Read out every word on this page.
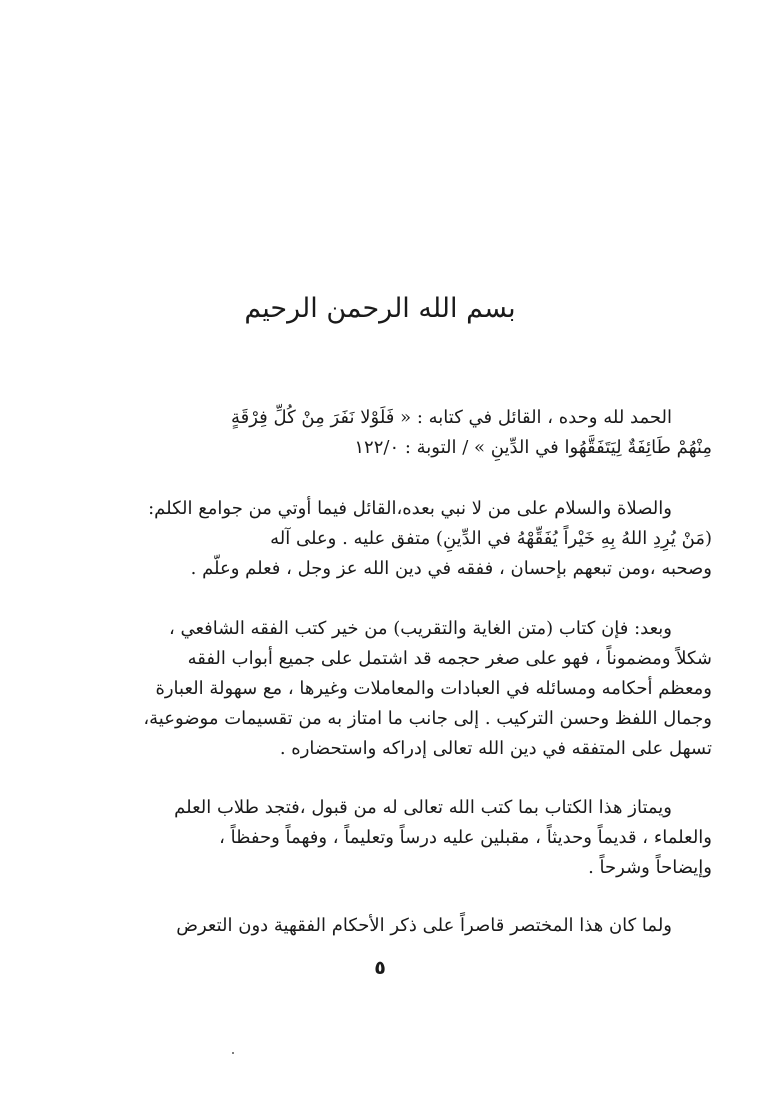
بسم الله الرحمن الرحيم
الحمد لله وحده ، القائل في كتابه : « فَلَوْلا نَفَرَ مِنْ كُلِّ فِرْقَةٍ
مِنْهُمْ طَائِفَةٌ لِيَتَفَقَّهُوا في الدِّينِ » / التوبة : ١٢٢/٠
والصلاة والسلام على من لا نبي بعده،القائل فيما أوتي من جوامع الكلم:
(مَنْ يُرِدِ اللهُ بِهِ خَيْراً يُفَقِّهْهُ في الدِّينِ) متفق عليه . وعلى آله
وصحبه ،ومن تبعهم بإحسان ، ففقه في دين الله عز وجل ، فعلم وعلّم .
وبعد: فإن كتاب (متن الغاية والتقريب) من خير كتب الفقه الشافعي ،
شكلاً ومضموناً ، فهو على صغر حجمه قد اشتمل على جميع أبواب الفقه
ومعظم أحكامه ومسائله في العبادات والمعاملات وغيرها ، مع سهولة العبارة
وجمال اللفظ وحسن التركيب . إلى جانب ما امتاز به من تقسيمات موضوعية،
تسهل على المتفقه في دين الله تعالى إدراكه واستحضاره .
ويمتاز هذا الكتاب بما كتب الله تعالى له من قبول ،فتجد طلاب العلم
والعلماء ، قديماً وحديثاً ، مقبلين عليه درساً وتعليماً ، وفهماً وحفظاً ،
وإيضاحاً وشرحاً .
ولما كان هذا المختصر قاصراً على ذكر الأحكام الفقهية دون التعرض
٥
